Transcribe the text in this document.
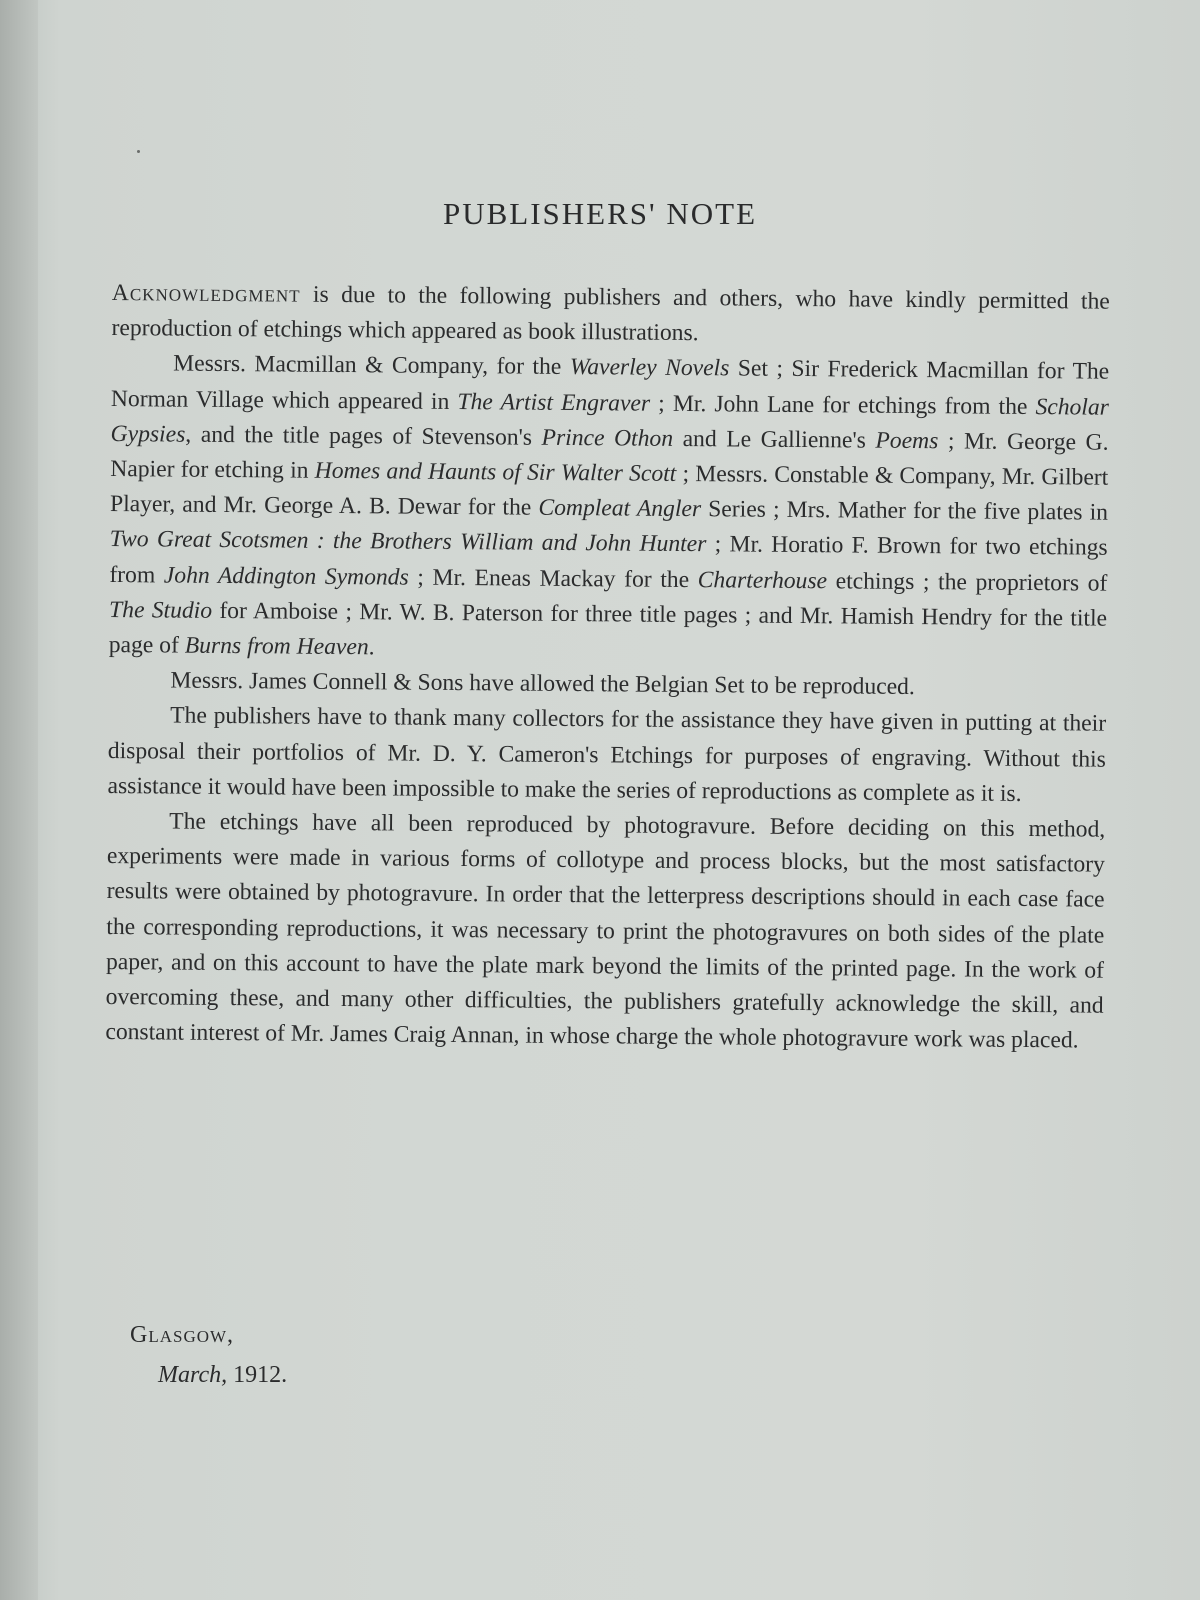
PUBLISHERS' NOTE

Acknowledgment is due to the following publishers and others, who have kindly permitted the reproduction of etchings which appeared as book illustrations.

Messrs. Macmillan & Company, for the Waverley Novels Set ; Sir Frederick Macmillan for The Norman Village which appeared in The Artist Engraver ; Mr. John Lane for etchings from the Scholar Gypsies, and the title pages of Stevenson's Prince Othon and Le Gallienne's Poems ; Mr. George G. Napier for etching in Homes and Haunts of Sir Walter Scott ; Messrs. Constable & Company, Mr. Gilbert Player, and Mr. George A. B. Dewar for the Compleat Angler Series ; Mrs. Mather for the five plates in Two Great Scotsmen : the Brothers William and John Hunter ; Mr. Horatio F. Brown for two etchings from John Addington Symonds ; Mr. Eneas Mackay for the Charterhouse etchings ; the proprietors of The Studio for Amboise ; Mr. W. B. Paterson for three title pages ; and Mr. Hamish Hendry for the title page of Burns from Heaven.

Messrs. James Connell & Sons have allowed the Belgian Set to be reproduced.

The publishers have to thank many collectors for the assistance they have given in putting at their disposal their portfolios of Mr. D. Y. Cameron's Etchings for purposes of engraving. Without this assistance it would have been impossible to make the series of reproductions as complete as it is.

The etchings have all been reproduced by photogravure. Before deciding on this method, experiments were made in various forms of collotype and process blocks, but the most satisfactory results were obtained by photogravure. In order that the letterpress descriptions should in each case face the corresponding reproductions, it was necessary to print the photogravures on both sides of the plate paper, and on this account to have the plate mark beyond the limits of the printed page. In the work of overcoming these, and many other difficulties, the publishers gratefully acknowledge the skill, and constant interest of Mr. James Craig Annan, in whose charge the whole photogravure work was placed.

Glasgow,
March, 1912.
